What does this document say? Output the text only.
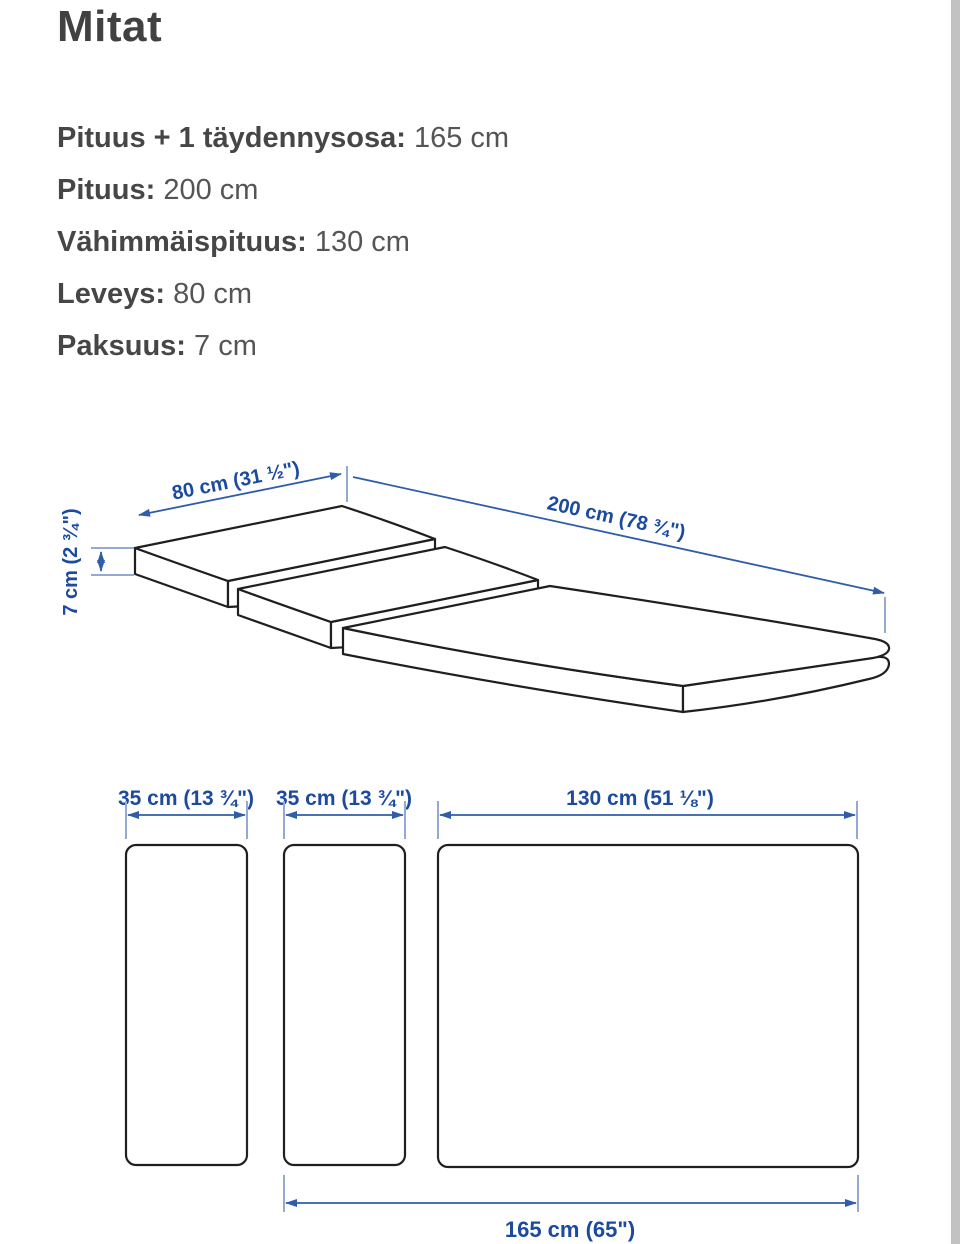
Mitat
Pituus + 1 täydennysosa: 165 cm
Pituus: 200 cm
Vähimmäispituus: 130 cm
Leveys: 80 cm
Paksuus: 7 cm
80 cm (31 ½")
200 cm (78 ¾")
7 cm (2 ¾")
35 cm (13 ¾") 35 cm (13 ¾")	130 cm (51 ⅛")
165 cm (65")
